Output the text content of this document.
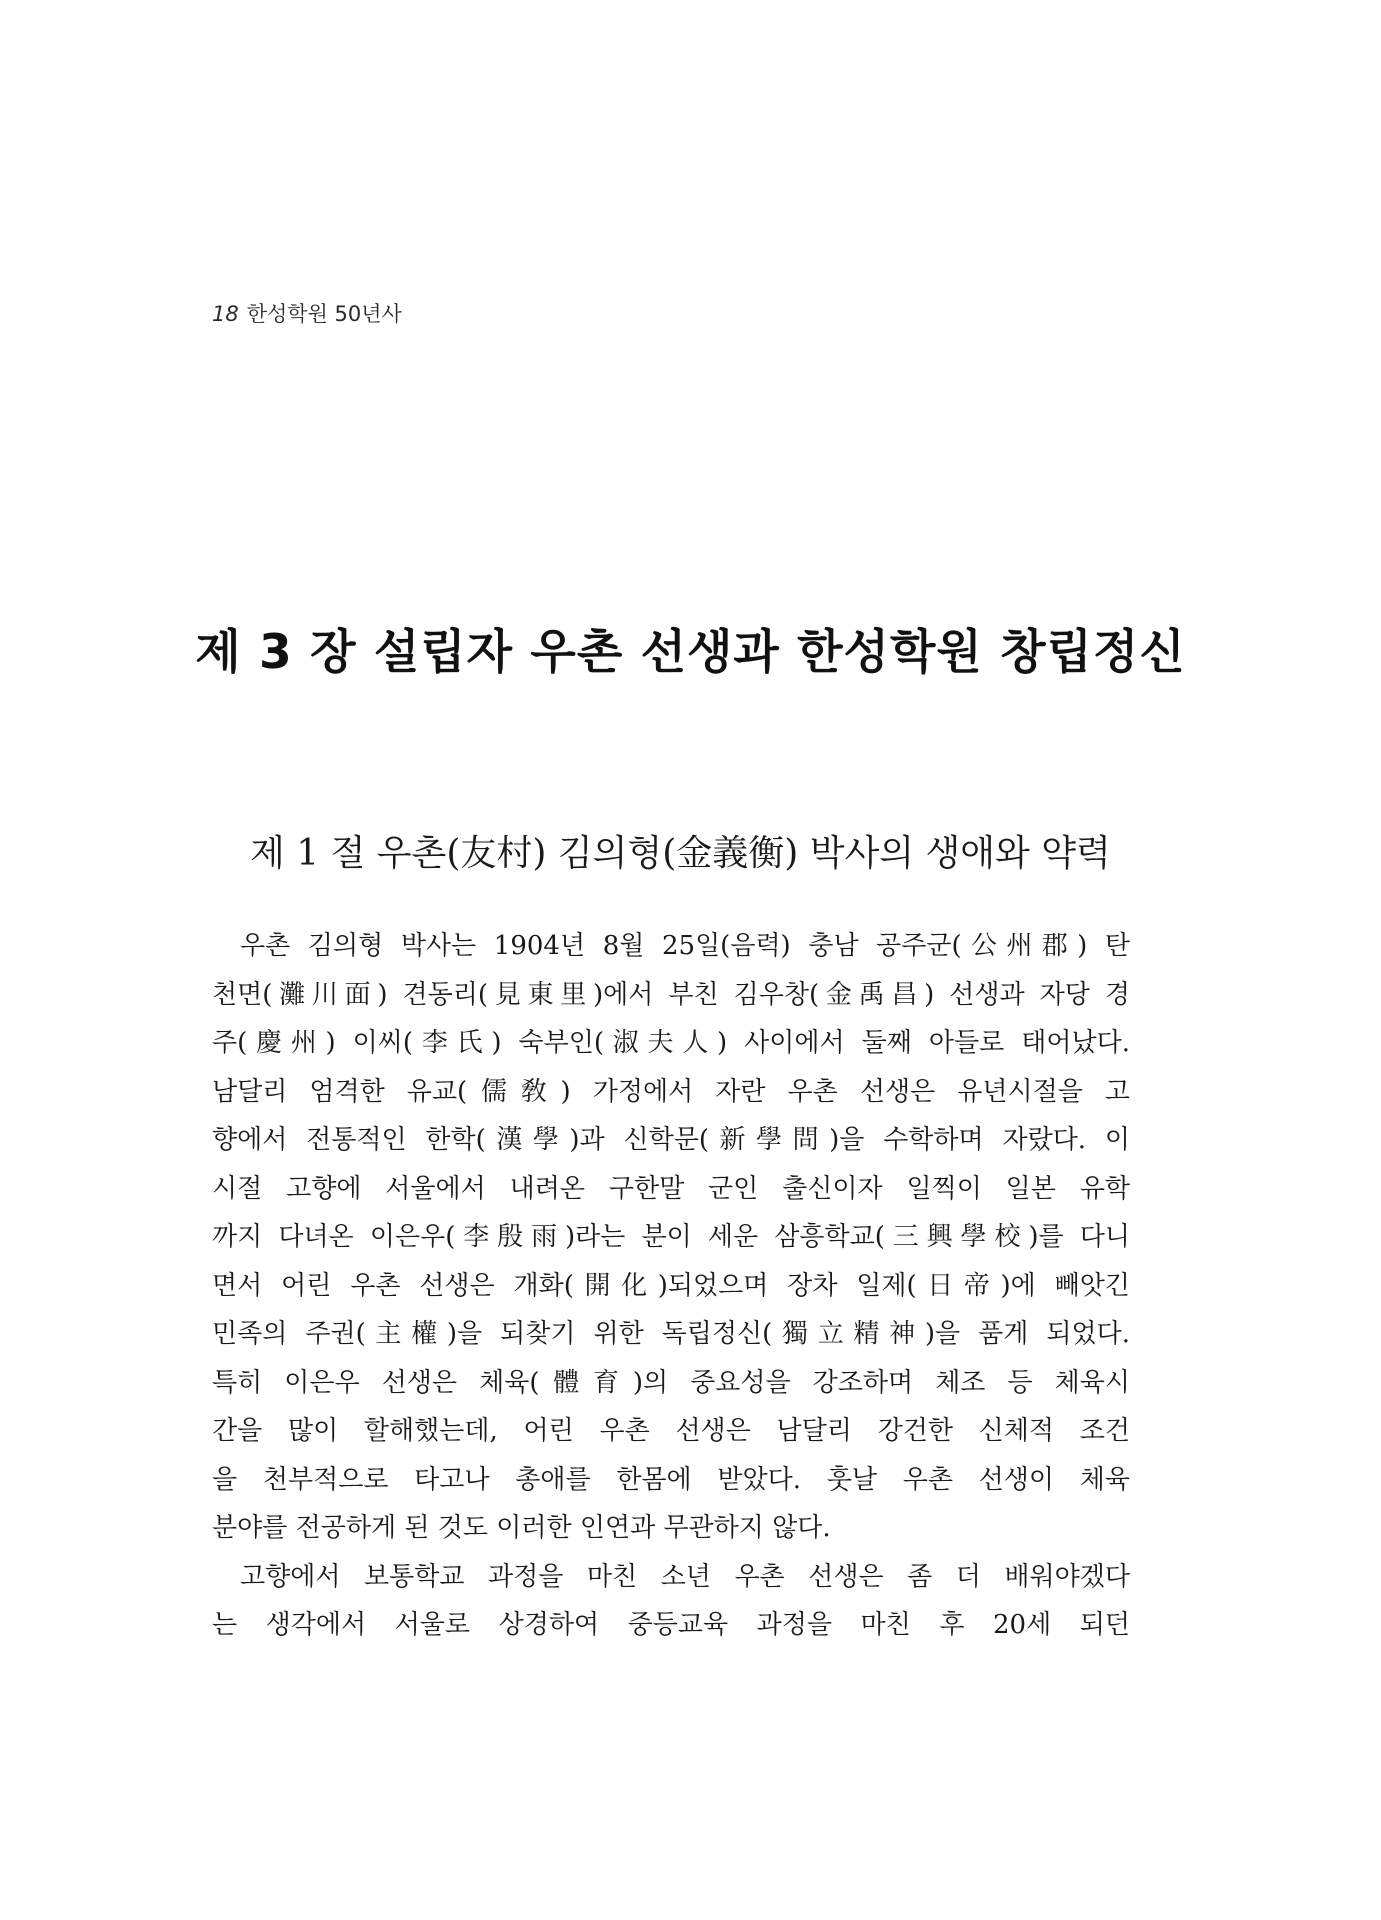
18 한성학원 50년사
제 3 장 설립자 우촌 선생과 한성학원 창립정신
제 1 절 우촌(友村) 김의형(金義衡) 박사의 생애와 약력
우촌 김의형 박사는 1904년 8월 25일(음력) 충남 공주군(公州郡) 탄
천면(灘川面) 견동리(見東里)에서 부친 김우창(金禹昌) 선생과 자당 경
주(慶州) 이씨(李氏) 숙부인(淑夫人) 사이에서 둘째 아들로 태어났다.
남달리 엄격한 유교(儒敎) 가정에서 자란 우촌 선생은 유년시절을 고
향에서 전통적인 한학(漢學)과 신학문(新學問)을 수학하며 자랐다. 이
시절 고향에 서울에서 내려온 구한말 군인 출신이자 일찍이 일본 유학
까지 다녀온 이은우(李殷雨)라는 분이 세운 삼흥학교(三興學校)를 다니
면서 어린 우촌 선생은 개화(開化)되었으며 장차 일제(日帝)에 빼앗긴
민족의 주권(主權)을 되찾기 위한 독립정신(獨立精神)을 품게 되었다.
특히 이은우 선생은 체육(體育)의 중요성을 강조하며 체조 등 체육시
간을 많이 할해했는데, 어린 우촌 선생은 남달리 강건한 신체적 조건
을 천부적으로 타고나 총애를 한몸에 받았다. 훗날 우촌 선생이 체육
분야를 전공하게 된 것도 이러한 인연과 무관하지 않다.
고향에서 보통학교 과정을 마친 소년 우촌 선생은 좀 더 배워야겠다
는 생각에서 서울로 상경하여 중등교육 과정을 마친 후 20세 되던
